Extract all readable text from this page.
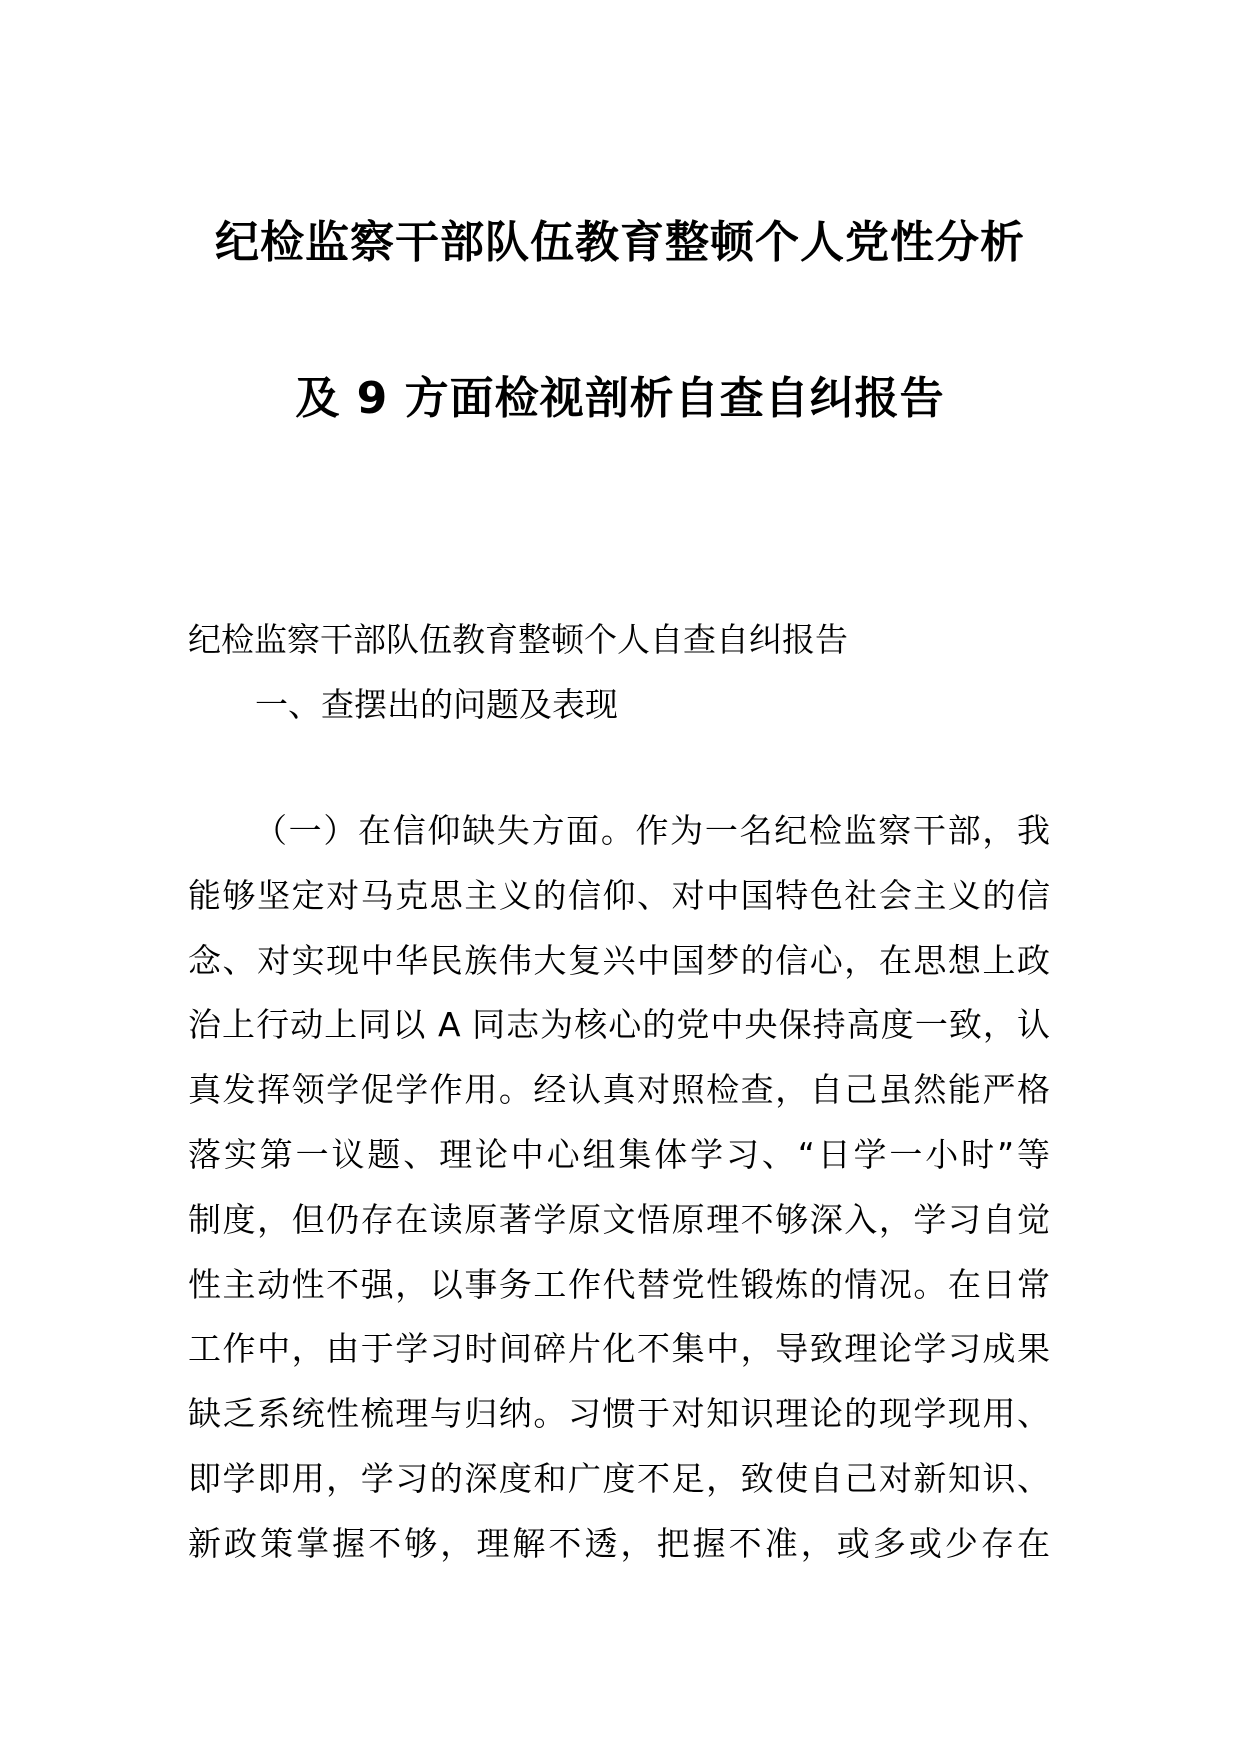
纪检监察干部队伍教育整顿个人党性分析
及 9 方面检视剖析自查自纠报告
纪检监察干部队伍教育整顿个人自查自纠报告
一、查摆出的问题及表现
（一）在信仰缺失方面。作为一名纪检监察干部，我
能够坚定对马克思主义的信仰、对中国特色社会主义的信
念、对实现中华民族伟大复兴中国梦的信心，在思想上政
治上行动上同以 A 同志为核心的党中央保持高度一致，认
真发挥领学促学作用。经认真对照检查，自己虽然能严格
落实第一议题、理论中心组集体学习、“日学一小时”等
制度，但仍存在读原著学原文悟原理不够深入，学习自觉
性主动性不强，以事务工作代替党性锻炼的情况。在日常
工作中，由于学习时间碎片化不集中，导致理论学习成果
缺乏系统性梳理与归纳。习惯于对知识理论的现学现用、
即学即用，学习的深度和广度不足，致使自己对新知识、
新政策掌握不够，理解不透，把握不准，或多或少存在
